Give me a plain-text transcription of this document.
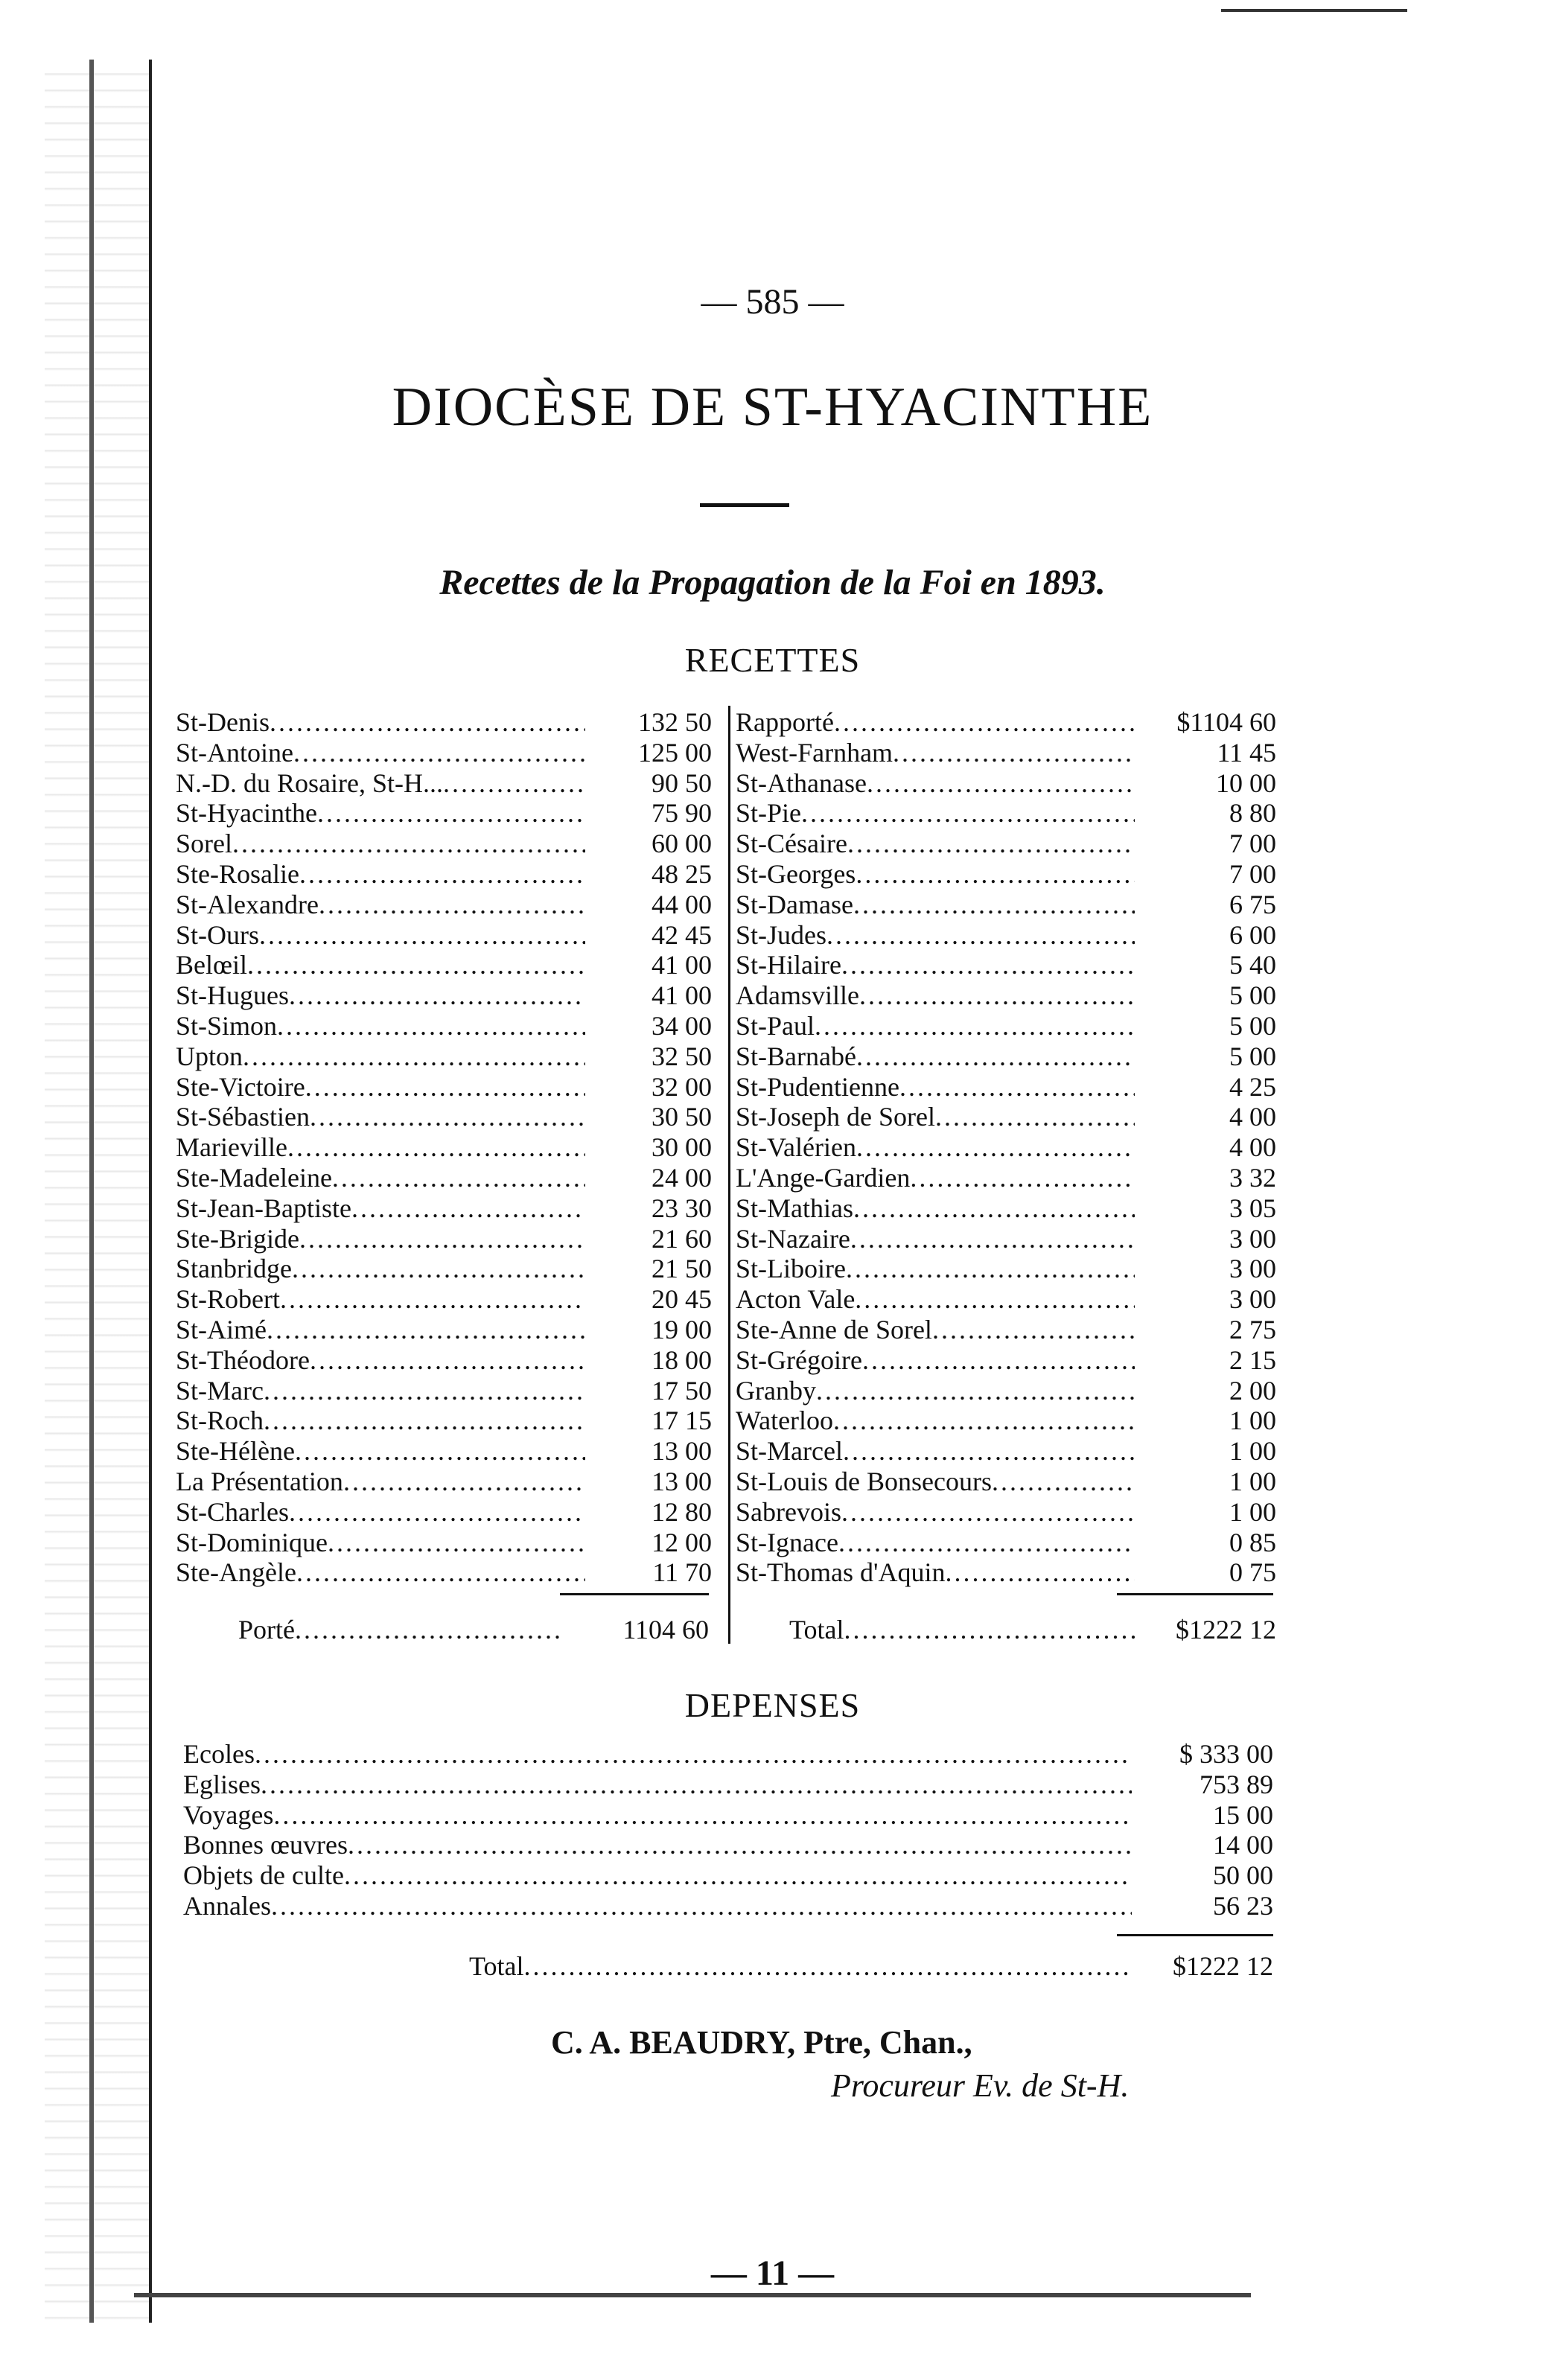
— 585 —
DIOCÈSE DE ST-HYACINTHE
Recettes de la Propagation de la Foi en 1893.
RECETTES
St-Denis .....	132 50
St-Antoine .....	125 00
N.-D. du Rosaire, St-H... .....	90 50
St-Hyacinthe .....	75 90
Sorel .....	60 00
Ste-Rosalie .....	48 25
St-Alexandre .....	44 00
St-Ours .....	42 45
Belœil .....	41 00
St-Hugues .....	41 00
St-Simon .....	34 00
Upton .....	32 50
Ste-Victoire .....	32 00
St-Sébastien .....	30 50
Marieville .....	30 00
Ste-Madeleine .....	24 00
St-Jean-Baptiste .....	23 30
Ste-Brigide .....	21 60
Stanbridge .....	21 50
St-Robert .....	20 45
St-Aimé .....	19 00
St-Théodore .....	18 00
St-Marc .....	17 50
St-Roch .....	17 15
Ste-Hélène .....	13 00
La Présentation .....	13 00
St-Charles .....	12 80
St-Dominique .....	12 00
Ste-Angèle .....	11 70
Rapporté .....	$1104 60
West-Farnham .....	11 45
St-Athanase .....	10 00
St-Pie .....	8 80
St-Césaire .....	7 00
St-Georges .....	7 00
St-Damase .....	6 75
St-Judes .....	6 00
St-Hilaire .....	5 40
Adamsville .....	5 00
St-Paul .....	5 00
St-Barnabé .....	5 00
St-Pudentienne .....	4 25
St-Joseph de Sorel .....	4 00
St-Valérien .....	4 00
L'Ange-Gardien .....	3 32
St-Mathias .....	3 05
St-Nazaire .....	3 00
St-Liboire .....	3 00
Acton Vale .....	3 00
Ste-Anne de Sorel .....	2 75
St-Grégoire .....	2 15
Granby .....	2 00
Waterloo .....	1 00
St-Marcel .....	1 00
St-Louis de Bonsecours .....	1 00
Sabrevois .....	1 00
St-Ignace .....	0 85
St-Thomas d'Aquin .....	0 75
Porté .....	1104 60	Total .....	$1222 12
DEPENSES
Ecoles .....	$ 333 00
Eglises .....	753 89
Voyages .....	15 00
Bonnes œuvres .....	14 00
Objets de culte .....	50 00
Annales .....	56 23
Total .....	$1222 12
C. A. BEAUDRY, Ptre, Chan.,
Procureur Ev. de St-H.
— 11 —
